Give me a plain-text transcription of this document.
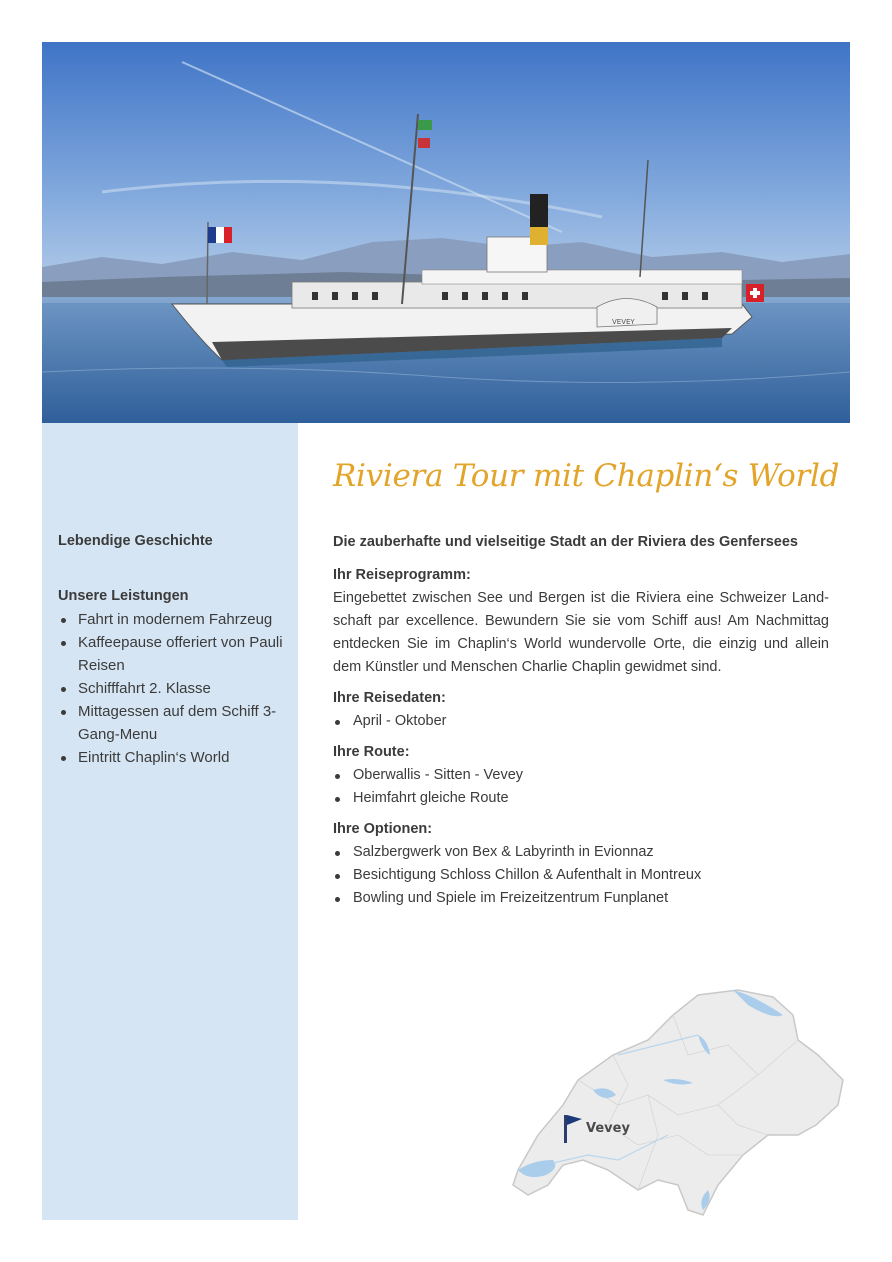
VEVEY
Lebendige Geschichte
Unsere Leistungen
Fahrt in modernem Fahrzeug
Kaffeepause offeriert von Pauli Reisen
Schifffahrt 2. Klasse
Mittagessen auf dem Schiff 3-Gang-Menu
Eintritt Chaplin‘s World
Riviera Tour mit Chaplin‘s World

Die zauberhafte und vielseitige Stadt an der Riviera des Genfersees

Ihr Reiseprogramm:

Eingebettet zwischen See und Bergen ist die Riviera eine Schweizer Land-schaft par excellence. Bewundern Sie sie vom Schiff aus! Am Nachmittag entdecken Sie im Chaplin‘s World wundervolle Orte, die einzig und allein dem Künstler und Menschen Charlie Chaplin gewidmet sind.

Ihre Reisedaten:

April - Oktober

Ihre Route:

Oberwallis - Sitten - Vevey
Heimfahrt gleiche Route

Ihre Optionen:

Salzbergwerk von Bex & Labyrinth in Evionnaz
Besichtigung Schloss Chillon & Aufenthalt in Montreux
Bowling und Spiele im Freizeitzentrum Funplanet
Vevey
